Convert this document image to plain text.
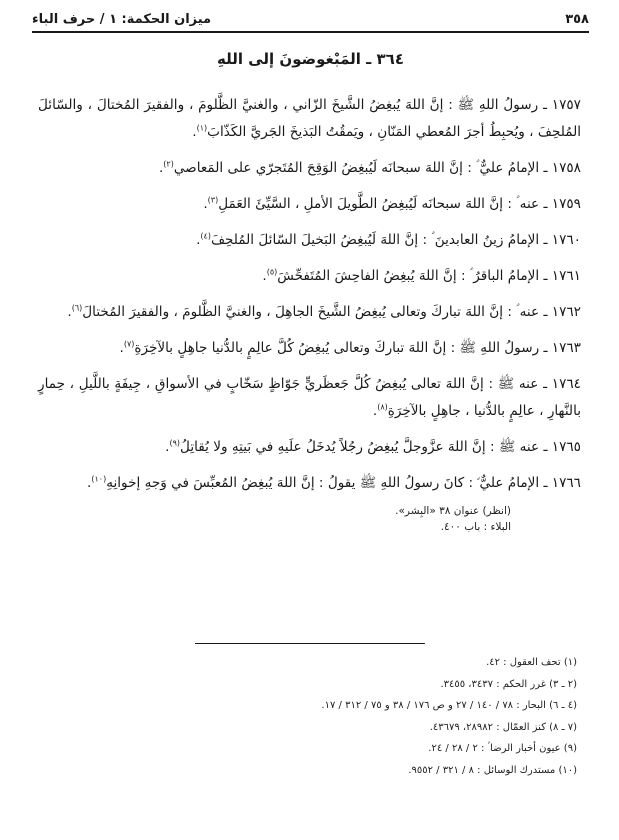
٣٥٨
ميزان الحكمة: ١ / حرف الباء
٣٦٤ ـ المَبْغوضونَ إلى اللهِ

١٧٥٧ ـ رسولُ اللهِ ﷺ : إنَّ اللهَ يُبغِضُ الشَّيخَ الزّاني ، والغنيَّ الظَّلومَ ، والفقيرَ المُختالَ ، والسّائلَ المُلحِفَ ، ويُحبِطُ أجرَ المُعطي المَنّانِ ، ويَمقُتُ البَذيخَ الجَريَّ الكَذّابَ$^{(١)}$.

١٧٥٨ ـ الإمامُ عليٌّ ؑ : إنَّ اللهَ سبحانَه لَيُبغِضُ الوَقِحَ المُتَجرّي على المَعاصي$^{(٢)}$.

١٧٥٩ ـ عنه ؑ : إنَّ اللهَ سبحانَه لَيُبغِضُ الطَّويلَ الأملِ ، السَّيِّئَ العَمَلِ$^{(٣)}$.

١٧٦٠ ـ الإمامُ زينُ العابدينَ ؑ : إنَّ اللهَ لَيُبغِضُ البَخيلَ السّائلَ المُلحِفَ$^{(٤)}$.

١٧٦١ ـ الإمامُ الباقرُ ؑ : إنَّ اللهَ يُبغِضُ الفاحِشَ المُتَفحِّشَ$^{(٥)}$.

١٧٦٢ ـ عنه ؑ : إنَّ اللهَ تباركَ وتعالى يُبغِضُ الشَّيخَ الجاهِلَ ، والغنيَّ الظَّلومَ ، والفقيرَ المُختالَ$^{(٦)}$.

١٧٦٣ ـ رسولُ اللهِ ﷺ : إنَّ اللهَ تباركَ وتعالى يُبغِضُ كُلَّ عالِمٍ بالدُّنيا جاهِلٍ بالآخِرَةِ$^{(٧)}$.

١٧٦٤ ـ عنه ﷺ : إنَّ اللهَ تعالى يُبغِضُ كُلَّ جَعظَريٍّ جَوّاظٍ سَخّابٍ في الأسواقِ ، جِيفَةٍ باللَّيلِ ، حِمارٍ بالنَّهارِ ، عالِمٍ بالدُّنيا ، جاهِلٍ بالآخِرَةِ$^{(٨)}$.

١٧٦٥ ـ عنه ﷺ : إنَّ اللهَ عزَّوجلَّ يُبغِضُ رجُلاً يُدخَلُ علَيهِ في بَيتِهِ ولا يُقاتِلُ$^{(٩)}$.

١٧٦٦ ـ الإمامُ عليٌّ ؑ : كانَ رسولُ اللهِ ﷺ يقولُ : إنَّ اللهَ يُبغِضُ المُعبِّسَ في وَجهِ إخوانِهِ$^{(١٠)}$.

(انظر) عنوان ٣٨ «البِشر».
البلاء : باب ٤٠٠.
(١) تحف العقول : ٤٢.
(٢ ـ ٣) غرر الحكم : ٣٤٣٧، ٣٤٥٥.
(٤ ـ ٦) البحار : ٧٨ / ١٤٠ / ٢٧ و ص ١٧٦ / ٣٨ و ٧٥ / ٣١٢ / ١٧.
(٧ ـ ٨) كنز العمّال : ٢٨٩٨٢، ٤٣٦٧٩.
(٩) عيون أخبار الرضا ؑ : ٢ / ٢٨ / ٢٤.
(١٠) مستدرك الوسائل : ٨ / ٣٢١ / ٩٥٥٢.
